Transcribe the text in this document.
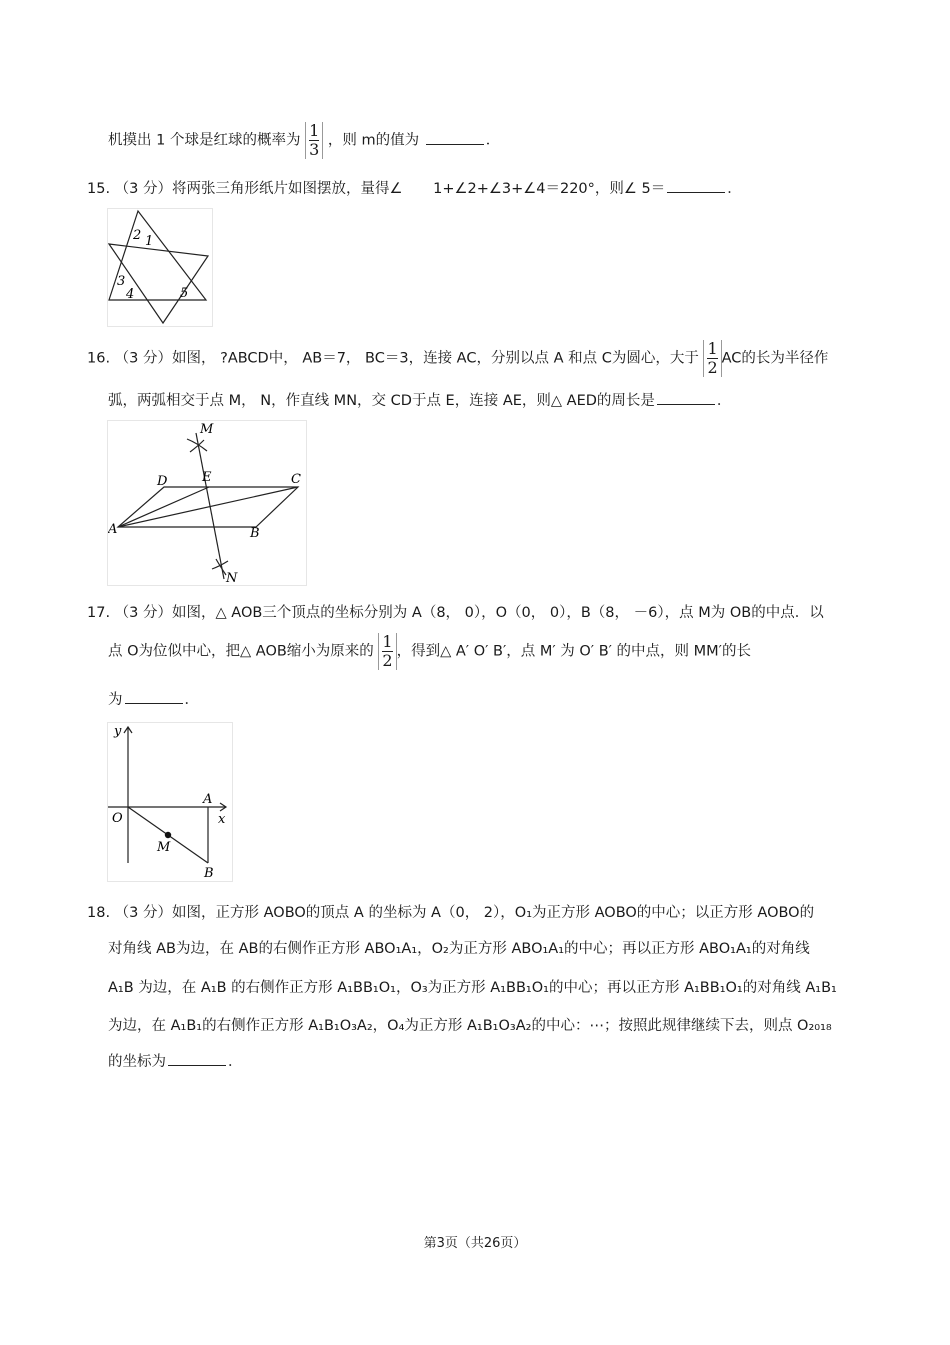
机摸出 1 个球是红球的概率为 $\frac{1}{3}$ ，则 m的值为	．
15. （3 分）将两张三角形纸片如图摆放，量得∠ 1+∠2+∠3+∠4＝220°，则∠ 5＝	．
2 1
3
4	5
16. （3 分）如图， ?ABCD中， AB＝7， BC＝3，连接 AC，分别以点 A 和点 C为圆心，大于 $\frac{1}{2}$ AC的长为半径作
弧，两弧相交于点 M， N，作直线 MN，交 CD于点 E，连接 AE，则△ AED的周长是	．
M
N
D	E	C
A	B
17. （3 分）如图，△ AOB三个顶点的坐标分别为 A（8， 0），O（0， 0），B（8， －6），点 M为 OB的中点．以
点 O为位似中心，把△ AOB缩小为原来的 $\frac{1}{2}$ ，得到△ A′ O′ B′，点 M′ 为 O′ B′ 的中点，则 MM′的长
为	．
y
x
O
A
M
B
18. （3 分）如图，正方形 AOBO的顶点 A 的坐标为 A（0， 2），O₁为正方形 AOBO的中心；以正方形 AOBO的
对角线 AB为边，在 AB的右侧作正方形 ABO₁A₁，O₂为正方形 ABO₁A₁的中心；再以正方形 ABO₁A₁的对角线
A₁B 为边，在 A₁B 的右侧作正方形 A₁BB₁O₁，O₃为正方形 A₁BB₁O₁的中心；再以正方形 A₁BB₁O₁的对角线 A₁B₁
为边，在 A₁B₁的右侧作正方形 A₁B₁O₃A₂，O₄为正方形 A₁B₁O₃A₂的中心：⋯；按照此规律继续下去，则点 O₂₀₁₈
的坐标为	．
第3页（共26页）
